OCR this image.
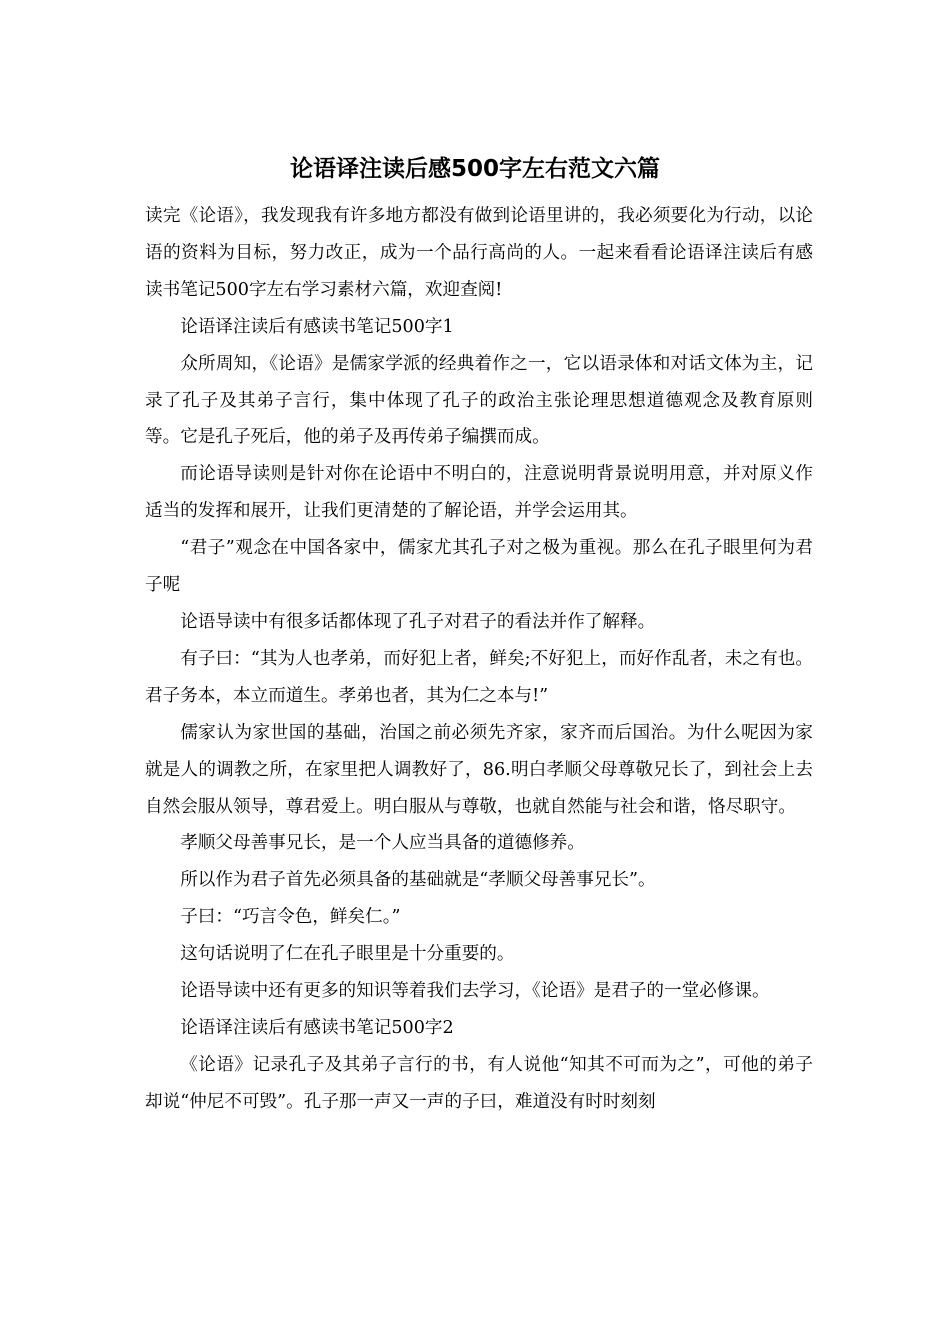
论语译注读后感500字左右范文六篇

读完《论语》，我发现我有许多地方都没有做到论语里讲的，我必须要化为行动，以论语的资料为目标，努力改正，成为一个品行高尚的人。一起来看看论语译注读后有感读书笔记500字左右学习素材六篇，欢迎查阅!

论语译注读后有感读书笔记500字1

众所周知，《论语》是儒家学派的经典着作之一，它以语录体和对话文体为主，记录了孔子及其弟子言行，集中体现了孔子的政治主张论理思想道德观念及教育原则等。它是孔子死后，他的弟子及再传弟子编撰而成。

而论语导读则是针对你在论语中不明白的，注意说明背景说明用意，并对原义作适当的发挥和展开，让我们更清楚的了解论语，并学会运用其。

“君子”观念在中国各家中，儒家尤其孔子对之极为重视。那么在孔子眼里何为君子呢

论语导读中有很多话都体现了孔子对君子的看法并作了解释。

有子曰：“其为人也孝弟，而好犯上者，鲜矣;不好犯上，而好作乱者，未之有也。君子务本，本立而道生。孝弟也者，其为仁之本与!”

儒家认为家世国的基础，治国之前必须先齐家，家齐而后国治。为什么呢因为家就是人的调教之所，在家里把人调教好了，86.明白孝顺父母尊敬兄长了，到社会上去自然会服从领导，尊君爱上。明白服从与尊敬，也就自然能与社会和谐，恪尽职守。

孝顺父母善事兄长，是一个人应当具备的道德修养。

所以作为君子首先必须具备的基础就是“孝顺父母善事兄长”。

子曰：“巧言令色，鲜矣仁。”

这句话说明了仁在孔子眼里是十分重要的。

论语导读中还有更多的知识等着我们去学习，《论语》是君子的一堂必修课。

论语译注读后有感读书笔记500字2

《论语》记录孔子及其弟子言行的书，有人说他“知其不可而为之”，可他的弟子却说“仲尼不可毁”。孔子那一声又一声的子曰，难道没有时时刻刻
